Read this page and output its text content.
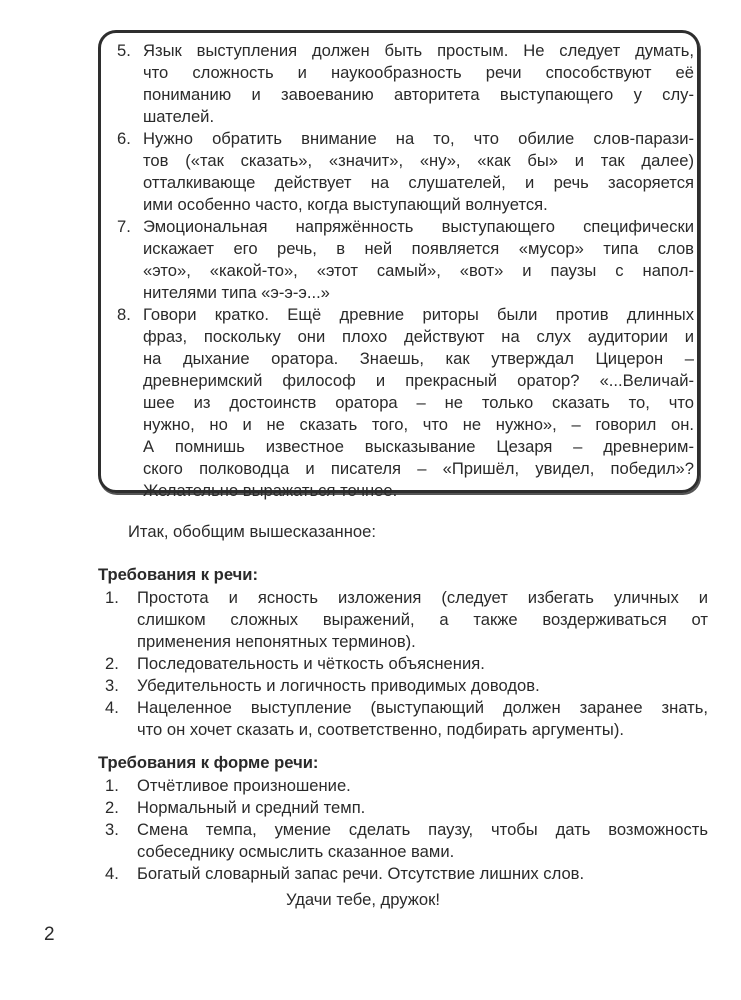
5. Язык выступления должен быть простым. Не следует думать,
что сложность и наукообразность речи способствуют её
пониманию и завоеванию авторитета выступающего у слу-
шателей.
6. Нужно обратить внимание на то, что обилие слов-парази-
тов («так сказать», «значит», «ну», «как бы» и так далее)
отталкивающе действует на слушателей, и речь засоряется
ими особенно часто, когда выступающий волнуется.
7. Эмоциональная напряжённость выступающего специфически
искажает его речь, в ней появляется «мусор» типа слов
«это», «какой-то», «этот самый», «вот» и паузы с напол-
нителями типа «э-э-э...»
8. Говори кратко. Ещё древние риторы были против длинных
фраз, поскольку они плохо действуют на слух аудитории и
на дыхание оратора. Знаешь, как утверждал Цицерон –
древнеримский философ и прекрасный оратор? «...Величай-
шее из достоинств оратора – не только сказать то, что
нужно, но и не сказать того, что не нужно», – говорил он.
А помнишь известное высказывание Цезаря – древнерим-
ского полководца и писателя – «Пришёл, увидел, победил»?
Желательно выражаться точнее.
Итак, обобщим вышесказанное:
Требования к речи:
1. Простота и ясность изложения (следует избегать уличных и
слишком сложных выражений, а также воздерживаться от
применения непонятных терминов).
2. Последовательность и чёткость объяснения.
3. Убедительность и логичность приводимых доводов.
4. Нацеленное выступление (выступающий должен заранее знать,
что он хочет сказать и, соответственно, подбирать аргументы).
Требования к форме речи:
1. Отчётливое произношение.
2. Нормальный и средний темп.
3. Смена темпа, умение сделать паузу, чтобы дать возможность
собеседнику осмыслить сказанное вами.
4. Богатый словарный запас речи. Отсутствие лишних слов.
Удачи тебе, дружок!
2
